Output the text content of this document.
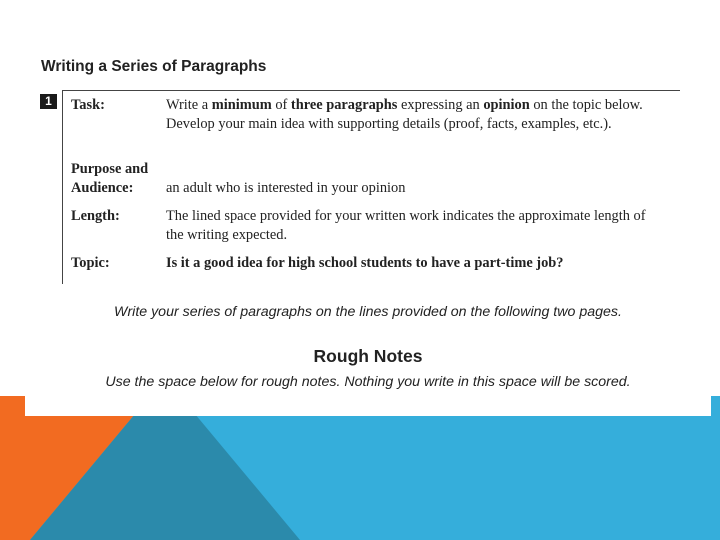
Writing a Series of Paragraphs
1	Task:	Write a minimum of three paragraphs expressing an opinion on the topic below. Develop your main idea with supporting details (proof, facts, examples, etc.).
Purpose and
Audience:	an adult who is interested in your opinion
Length:	The lined space provided for your written work indicates the approximate length of the writing expected.
Topic:	Is it a good idea for high school students to have a part-time job?

Write your series of paragraphs on the lines provided on the following two pages.

Rough Notes

Use the space below for rough notes. Nothing you write in this space will be scored.
